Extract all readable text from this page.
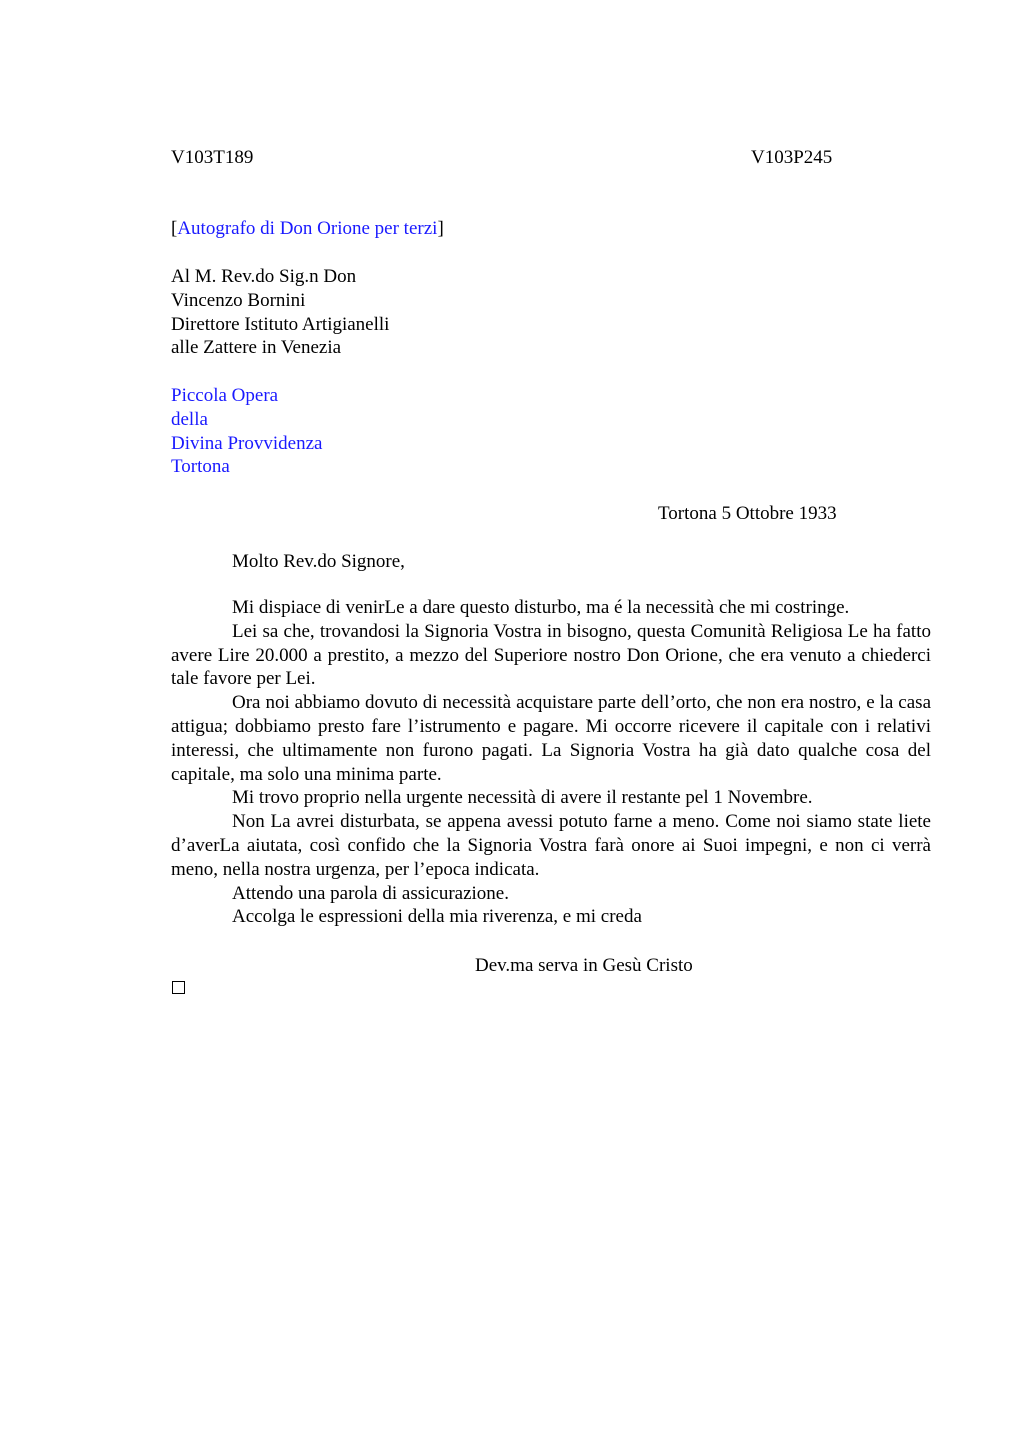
V103T189	V103P245
[Autografo di Don Orione per terzi]
Al M. Rev.do Sig.n Don
Vincenzo Bornini
Direttore Istituto Artigianelli
alle Zattere in Venezia
Piccola Opera
della
Divina Provvidenza
Tortona
Tortona 5 Ottobre 1933
Molto Rev.do Signore,

Mi dispiace di venirLe a dare questo disturbo, ma é la necessità che mi costringe.

Lei sa che, trovandosi la Signoria Vostra in bisogno, questa Comunità Religiosa Le ha fatto avere Lire 20.000 a prestito, a mezzo del Superiore nostro Don Orione, che era venuto a chiederci tale favore per Lei.

Ora noi abbiamo dovuto di necessità acquistare parte dell’orto, che non era nostro, e la casa attigua; dobbiamo presto fare l’istrumento e pagare. Mi occorre ricevere il capitale con i relativi interessi, che ultimamente non furono pagati. La Signoria Vostra ha già dato qualche cosa del capitale, ma solo una minima parte.

Mi trovo proprio nella urgente necessità di avere il restante pel 1 Novembre.

Non La avrei disturbata, se appena avessi potuto farne a meno. Come noi siamo state liete d’averLa aiutata, così confido che la Signoria Vostra farà onore ai Suoi impegni, e non ci verrà meno, nella nostra urgenza, per l’epoca indicata.

Attendo una parola di assicurazione.

Accolga le espressioni della mia riverenza, e mi creda

Dev.ma serva in Gesù Cristo
